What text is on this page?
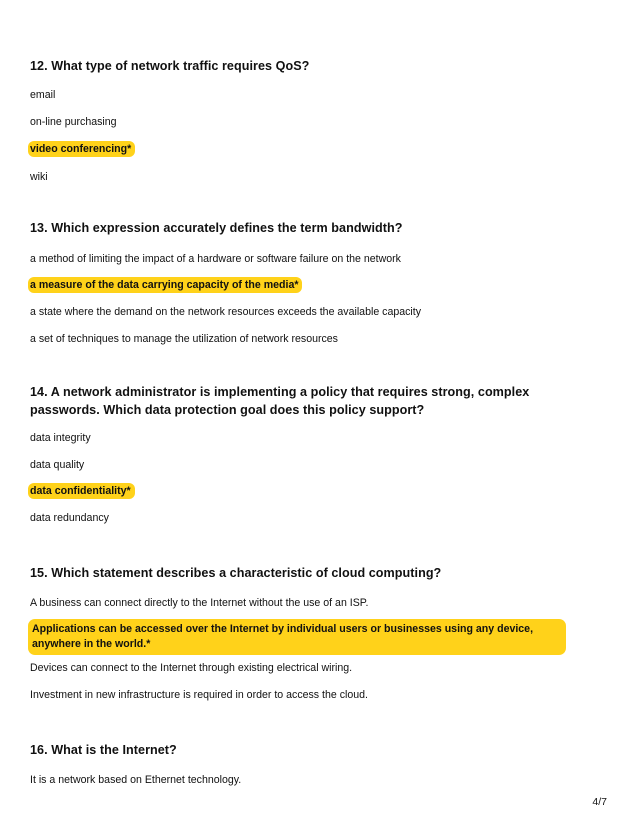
12. What type of network traffic requires QoS?
email
on-line purchasing
video conferencing*
wiki
13. Which expression accurately defines the term bandwidth?
a method of limiting the impact of a hardware or software failure on the network
a measure of the data carrying capacity of the media*
a state where the demand on the network resources exceeds the available capacity
a set of techniques to manage the utilization of network resources
14. A network administrator is implementing a policy that requires strong, complex passwords. Which data protection goal does this policy support?
data integrity
data quality
data confidentiality*
data redundancy
15. Which statement describes a characteristic of cloud computing?
A business can connect directly to the Internet without the use of an ISP.
Applications can be accessed over the Internet by individual users or businesses using any device, anywhere in the world.*
Devices can connect to the Internet through existing electrical wiring.
Investment in new infrastructure is required in order to access the cloud.
16. What is the Internet?
It is a network based on Ethernet technology.
4/7
